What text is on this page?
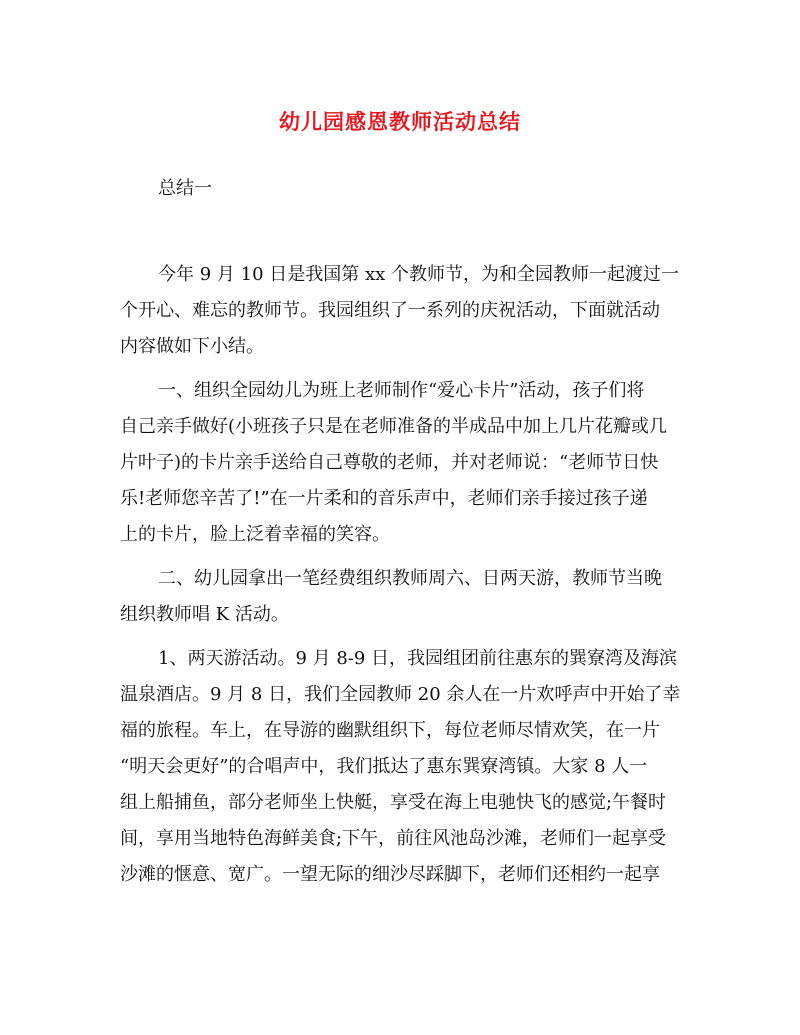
幼儿园感恩教师活动总结
总结一
今年 9 月 10 日是我国第 xx 个教师节，为和全园教师一起渡过一
个开心、难忘的教师节。我园组织了一系列的庆祝活动，下面就活动
内容做如下小结。
一、组织全园幼儿为班上老师制作“爱心卡片”活动，孩子们将
自己亲手做好(小班孩子只是在老师准备的半成品中加上几片花瓣或几
片叶子)的卡片亲手送给自己尊敬的老师，并对老师说：“老师节日快
乐!老师您辛苦了!”在一片柔和的音乐声中，老师们亲手接过孩子递
上的卡片，脸上泛着幸福的笑容。
二、幼儿园拿出一笔经费组织教师周六、日两天游，教师节当晚
组织教师唱 K 活动。
1、两天游活动。9 月 8-9 日，我园组团前往惠东的巽寮湾及海滨
温泉酒店。9 月 8 日，我们全园教师 20 余人在一片欢呼声中开始了幸
福的旅程。车上，在导游的幽默组织下，每位老师尽情欢笑，在一片
“明天会更好”的合唱声中，我们抵达了惠东巽寮湾镇。大家 8 人一
组上船捕鱼，部分老师坐上快艇，享受在海上电驰快飞的感觉;午餐时
间，享用当地特色海鲜美食;下午，前往风池岛沙滩，老师们一起享受
沙滩的惬意、宽广。一望无际的细沙尽踩脚下，老师们还相约一起享
